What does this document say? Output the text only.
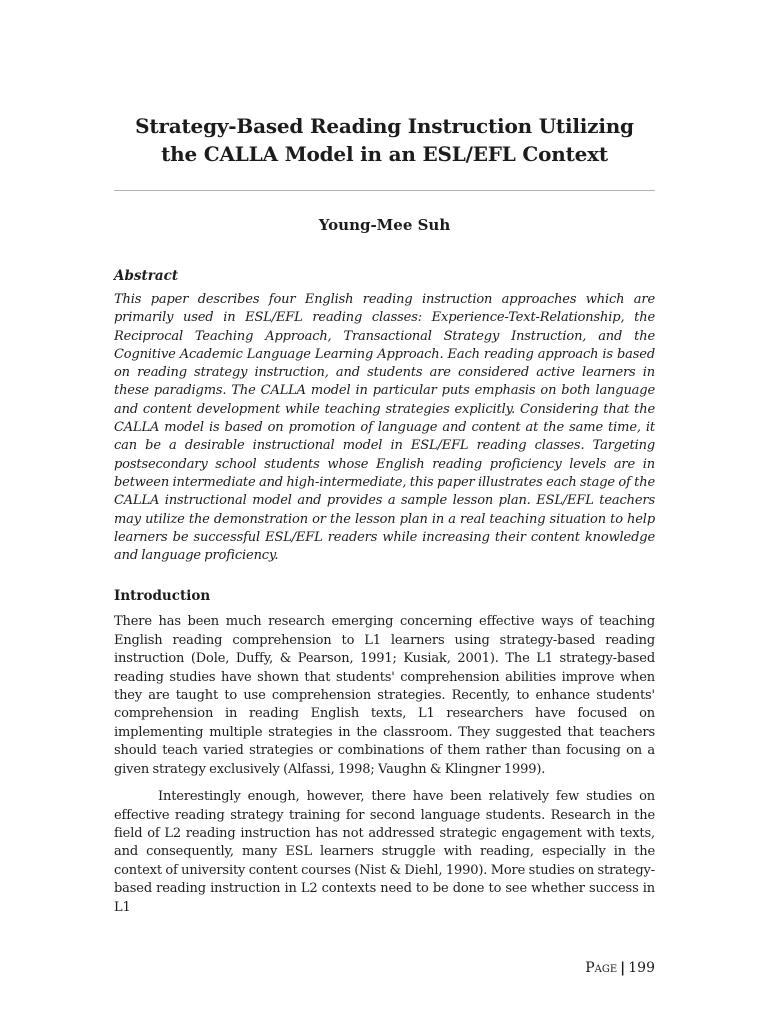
Strategy-Based Reading Instruction Utilizing
the CALLA Model in an ESL/EFL Context
Young-Mee Suh
Abstract

This paper describes four English reading instruction approaches which are primarily used in ESL/EFL reading classes: Experience-Text-Relationship, the Reciprocal Teaching Approach, Transactional Strategy Instruction, and the Cognitive Academic Language Learning Approach. Each reading approach is based on reading strategy instruction, and students are considered active learners in these paradigms. The CALLA model in particular puts emphasis on both language and content development while teaching strategies explicitly. Considering that the CALLA model is based on promotion of language and content at the same time, it can be a desirable instructional model in ESL/EFL reading classes. Targeting postsecondary school students whose English reading proficiency levels are in between intermediate and high-intermediate, this paper illustrates each stage of the CALLA instructional model and provides a sample lesson plan. ESL/EFL teachers may utilize the demonstration or the lesson plan in a real teaching situation to help learners be successful ESL/EFL readers while increasing their content knowledge and language proficiency.

Introduction

There has been much research emerging concerning effective ways of teaching English reading comprehension to L1 learners using strategy-based reading instruction (Dole, Duffy, & Pearson, 1991; Kusiak, 2001). The L1 strategy-based reading studies have shown that students' comprehension abilities improve when they are taught to use comprehension strategies. Recently, to enhance students' comprehension in reading English texts, L1 researchers have focused on implementing multiple strategies in the classroom. They suggested that teachers should teach varied strategies or combinations of them rather than focusing on a given strategy exclusively (Alfassi, 1998; Vaughn & Klingner 1999).

Interestingly enough, however, there have been relatively few studies on effective reading strategy training for second language students. Research in the field of L2 reading instruction has not addressed strategic engagement with texts, and consequently, many ESL learners struggle with reading, especially in the context of university content courses (Nist & Diehl, 1990). More studies on strategy-based reading instruction in L2 contexts need to be done to see whether success in L1

Page | 199
